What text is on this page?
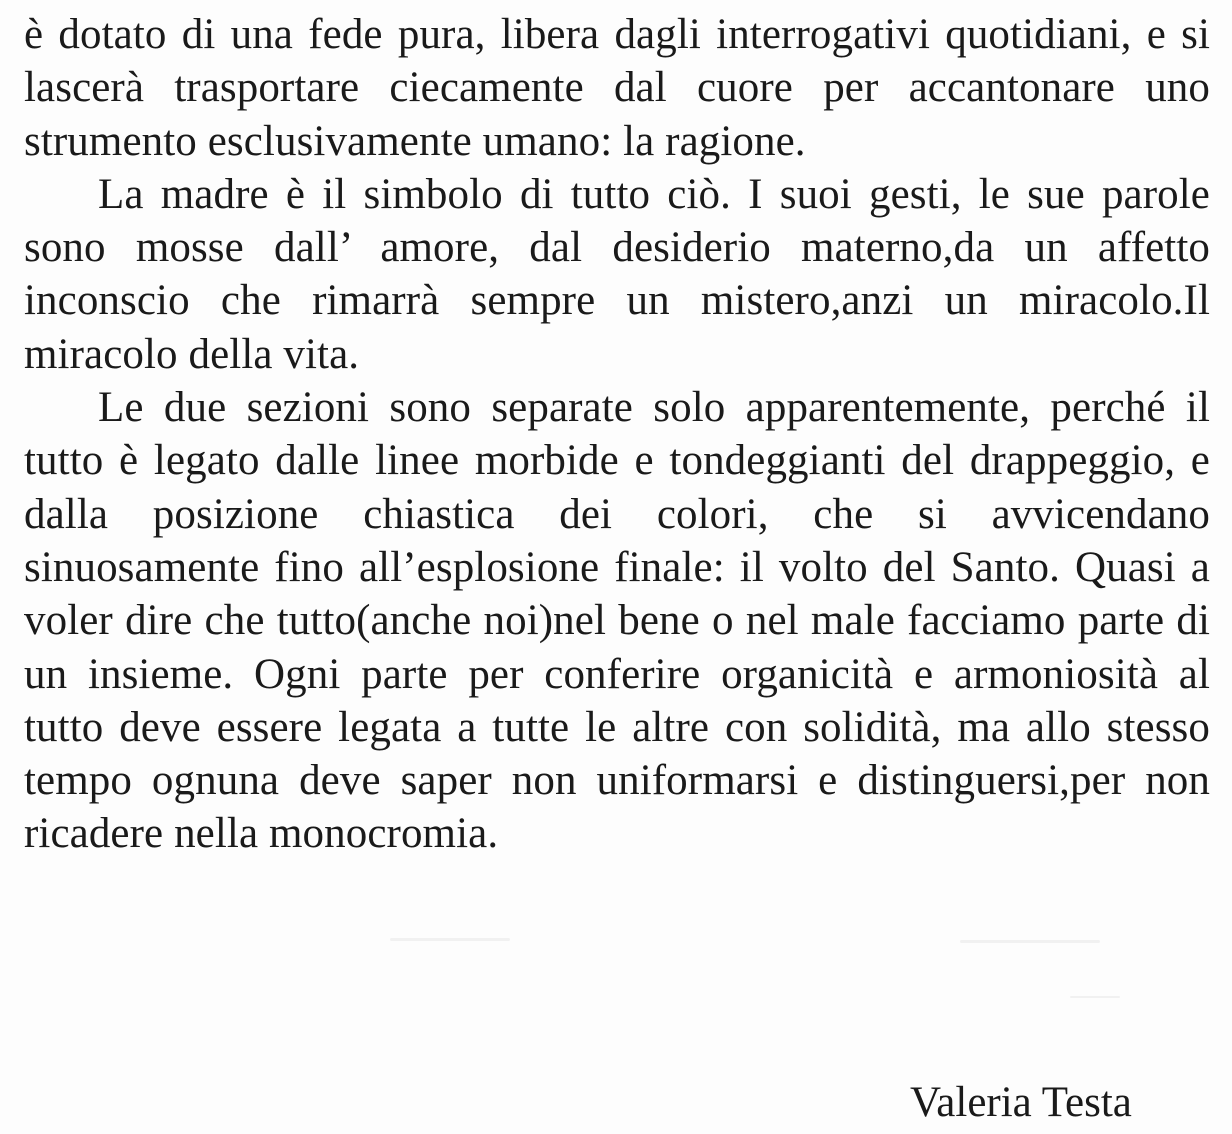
è dotato di una fede pura, libera dagli interrogativi quotidiani, e si lascerà trasportare ciecamente dal cuore per accantonare uno strumento esclusivamente umano: la ragione.

La madre è il simbolo di tutto ciò. I suoi gesti, le sue parole sono mosse dall’ amore, dal desiderio materno,da un affetto inconscio che rimarrà sempre un mistero,anzi un miracolo.Il miracolo della vita.

Le due sezioni sono separate solo apparentemente, perché il tutto è legato dalle linee morbide e tondeggianti del drappeggio, e dalla posizione chiastica dei colori, che si avvicendano sinuosamente fino all’esplosione finale: il volto del Santo. Quasi a voler dire che tutto(anche noi)nel bene o nel male facciamo parte di un insieme. Ogni parte per conferire organicità e armoniosità al tutto deve essere legata a tutte le altre con solidità, ma allo stesso tempo ognuna deve saper non uniformarsi e distinguersi,per non ricadere nella monocromia.

Valeria Testa
